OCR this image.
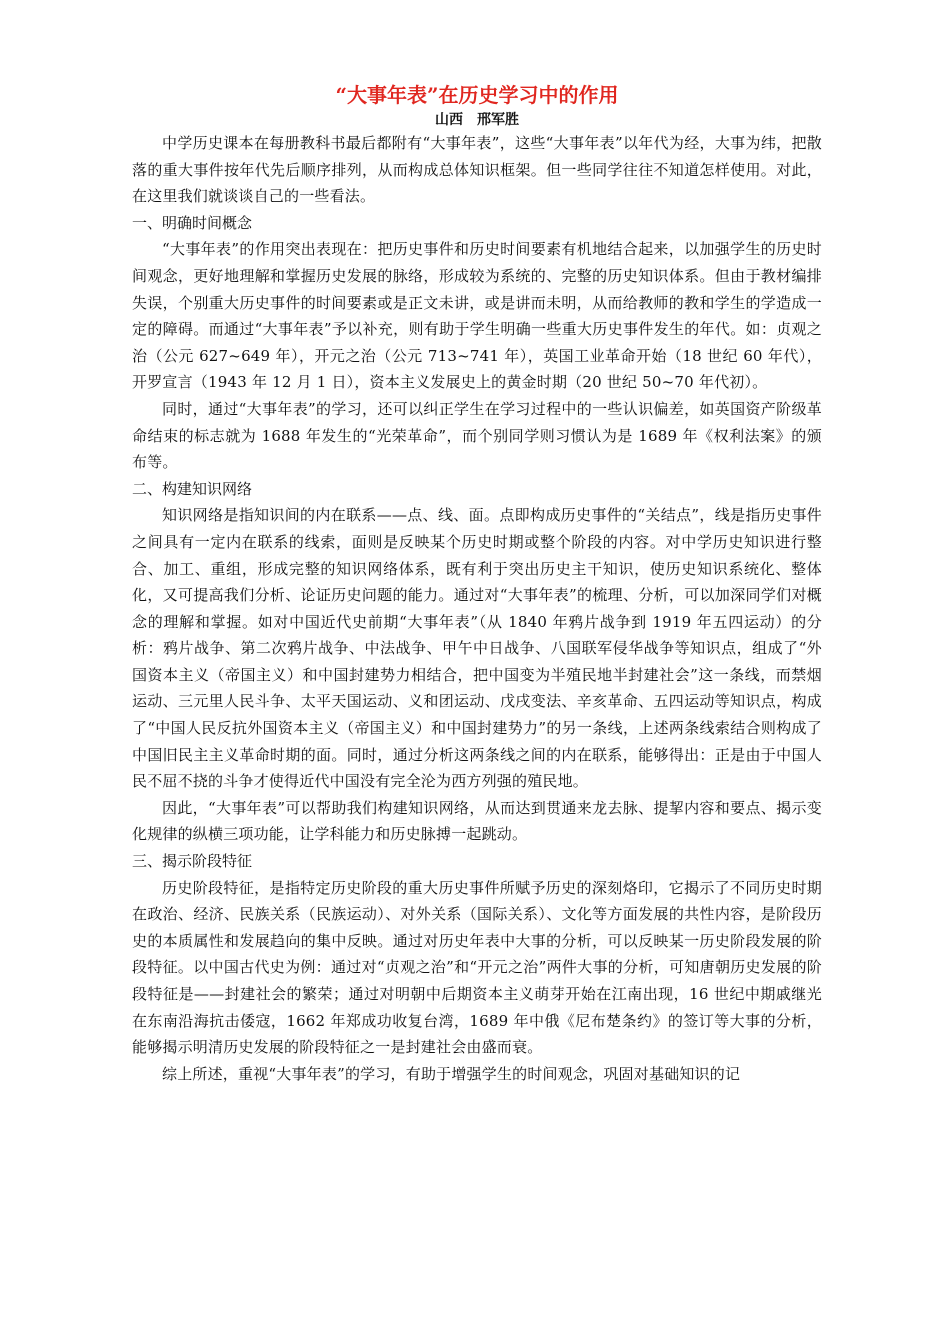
“大事年表”在历史学习中的作用

山西 邢军胜

中学历史课本在每册教科书最后都附有“大事年表”，这些“大事年表”以年代为经，大事为纬，把散落的重大事件按年代先后顺序排列，从而构成总体知识框架。但一些同学往往不知道怎样使用。对此，在这里我们就谈谈自己的一些看法。

一、明确时间概念

“大事年表”的作用突出表现在：把历史事件和历史时间要素有机地结合起来，以加强学生的历史时间观念，更好地理解和掌握历史发展的脉络，形成较为系统的、完整的历史知识体系。但由于教材编排失误，个别重大历史事件的时间要素或是正文未讲，或是讲而未明，从而给教师的教和学生的学造成一定的障碍。而通过“大事年表”予以补充，则有助于学生明确一些重大历史事件发生的年代。如：贞观之治（公元 627~649 年），开元之治（公元 713~741 年），英国工业革命开始（18 世纪 60 年代），开罗宣言（1943 年 12 月 1 日），资本主义发展史上的黄金时期（20 世纪 50~70 年代初）。

同时，通过“大事年表”的学习，还可以纠正学生在学习过程中的一些认识偏差，如英国资产阶级革命结束的标志就为 1688 年发生的“光荣革命”，而个别同学则习惯认为是 1689 年《权利法案》的颁布等。

二、构建知识网络

知识网络是指知识间的内在联系——点、线、面。点即构成历史事件的“关结点”，线是指历史事件之间具有一定内在联系的线索，面则是反映某个历史时期或整个阶段的内容。对中学历史知识进行整合、加工、重组，形成完整的知识网络体系，既有利于突出历史主干知识，使历史知识系统化、整体化，又可提高我们分析、论证历史问题的能力。通过对“大事年表”的梳理、分析，可以加深同学们对概念的理解和掌握。如对中国近代史前期“大事年表”（从 1840 年鸦片战争到 1919 年五四运动）的分析：鸦片战争、第二次鸦片战争、中法战争、甲午中日战争、八国联军侵华战争等知识点，组成了“外国资本主义（帝国主义）和中国封建势力相结合，把中国变为半殖民地半封建社会”这一条线，而禁烟运动、三元里人民斗争、太平天国运动、义和团运动、戊戌变法、辛亥革命、五四运动等知识点，构成了“中国人民反抗外国资本主义（帝国主义）和中国封建势力”的另一条线，上述两条线索结合则构成了中国旧民主主义革命时期的面。同时，通过分析这两条线之间的内在联系，能够得出：正是由于中国人民不屈不挠的斗争才使得近代中国没有完全沦为西方列强的殖民地。

因此，“大事年表”可以帮助我们构建知识网络，从而达到贯通来龙去脉、提挈内容和要点、揭示变化规律的纵横三项功能，让学科能力和历史脉搏一起跳动。

三、揭示阶段特征

历史阶段特征，是指特定历史阶段的重大历史事件所赋予历史的深刻烙印，它揭示了不同历史时期在政治、经济、民族关系（民族运动）、对外关系（国际关系）、文化等方面发展的共性内容，是阶段历史的本质属性和发展趋向的集中反映。通过对历史年表中大事的分析，可以反映某一历史阶段发展的阶段特征。以中国古代史为例：通过对“贞观之治”和“开元之治”两件大事的分析，可知唐朝历史发展的阶段特征是——封建社会的繁荣；通过对明朝中后期资本主义萌芽开始在江南出现，16 世纪中期戚继光在东南沿海抗击倭寇，1662 年郑成功收复台湾，1689 年中俄《尼布楚条约》的签订等大事的分析，能够揭示明清历史发展的阶段特征之一是封建社会由盛而衰。

综上所述，重视“大事年表”的学习，有助于增强学生的时间观念，巩固对基础知识的记
